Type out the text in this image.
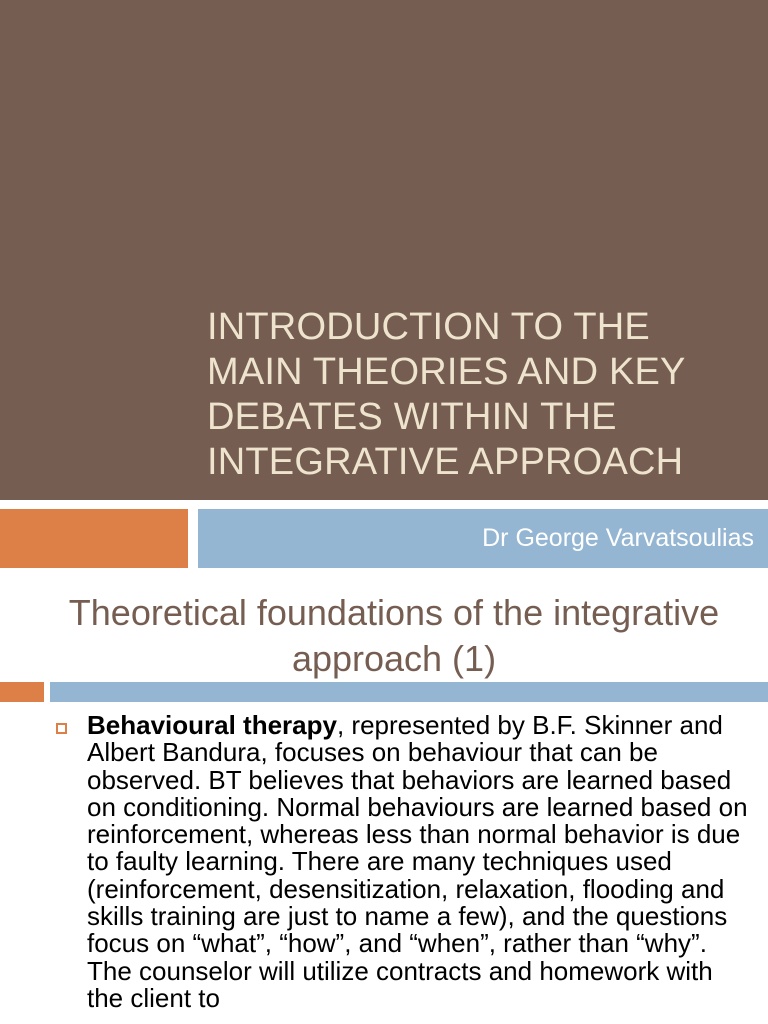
INTRODUCTION TO THE MAIN THEORIES AND KEY DEBATES WITHIN THE INTEGRATIVE APPROACH
Dr George Varvatsoulias
Theoretical foundations of the integrative approach (1)

Behavioural therapy, represented by B.F. Skinner and Albert Bandura, focuses on behaviour that can be observed. BT believes that behaviors are learned based on conditioning. Normal behaviours are learned based on reinforcement, whereas less than normal behavior is due to faulty learning. There are many techniques used (reinforcement, desensitization, relaxation, flooding and skills training are just to name a few), and the questions focus on “what”, “how”, and “when”, rather than “why”. The counselor will utilize contracts and homework with the client to
